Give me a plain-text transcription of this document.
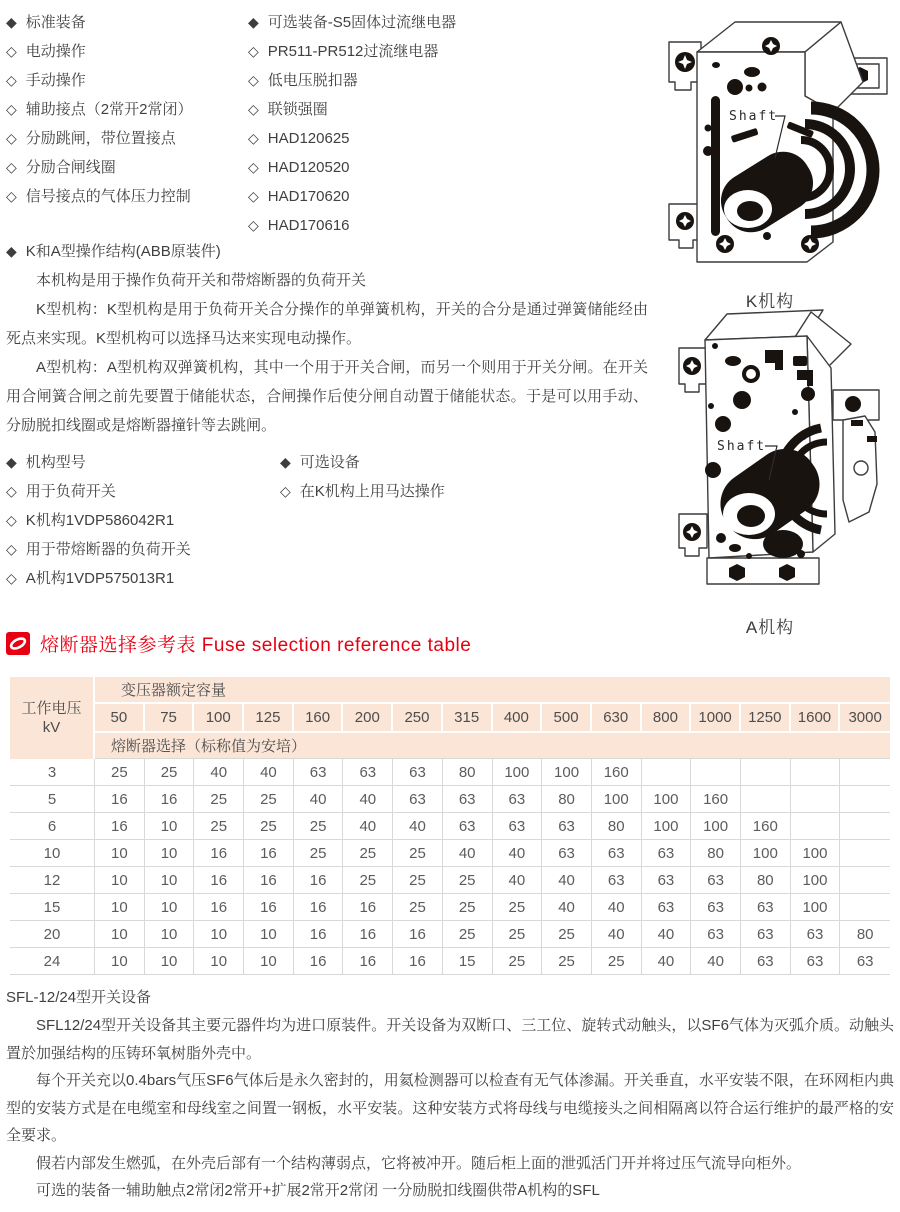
◆ 标准装备
◇ 电动操作
◇ 手动操作
◇ 辅助接点（2常开2常闭）
◇ 分励跳闸，带位置接点
◇ 分励合闸线圈
◇ 信号接点的气体压力控制
◆ 可选装备-S5固体过流继电器
◇ PR511-PR512过流继电器
◇ 低电压脱扣器
◇ 联锁强圈
◇ HAD120625
◇ HAD120520
◇ HAD170620
◇ HAD170616
◆ K和A型操作结构(ABB原装件)

本机构是用于操作负荷开关和带熔断器的负荷开关

K型机构：K型机构是用于负荷开关合分操作的单弹簧机构，开关的合分是通过弹簧储能经由死点来实现。K型机构可以选择马达来实现电动操作。

A型机构：A型机构双弹簧机构，其中一个用于开关合闸，而另一个则用于开关分闸。在开关用合闸簧合闸之前先要置于储能状态，合闸操作后使分闸自动置于储能状态。于是可以用手动、分励脱扣线圈或是熔断器撞针等去跳闸。

◆ 机构型号
◇ 用于负荷开关
◇ K机构1VDP586042R1
◇ 用于带熔断器的负荷开关
◇ A机构1VDP575013R1
◆ 可选设备
◇ 在K机构上用马达操作
Shaft
K机构
Shaft
A机构
熔断器选择参考表 Fuse selection reference table
工作电压
kV	变压器额定容量															
	50	75	100	125	160	200	250	315	400	500	630	800	1000	1250	1600	3000
	熔断器选择（标称值为安培）															
3	25	25	40	40	63	63	63	80	100	100	160					
5	16	16	25	25	40	40	63	63	63	80	100	100	160			
6	16	10	25	25	25	40	40	63	63	63	80	100	100	160		
10	10	10	16	16	25	25	25	40	40	63	63	63	80	100	100	
12	10	10	16	16	16	25	25	25	40	40	63	63	63	80	100	
15	10	10	16	16	16	16	25	25	25	40	40	63	63	63	100	
20	10	10	10	10	16	16	16	25	25	25	40	40	63	63	63	80
24	10	10	10	10	16	16	16	15	25	25	25	40	40	63	63	63
SFL-12/24型开关设备

SFL12/24型开关设备其主要元器件均为进口原装件。开关设备为双断口、三工位、旋转式动触头，以SF6气体为灭弧介质。动触头置於加强结构的压铸环氧树脂外壳中。

每个开关充以0.4bars气压SF6气体后是永久密封的，用氦检测器可以检查有无气体渗漏。开关垂直，水平安装不限，在环网柜内典型的安装方式是在电缆室和母线室之间置一钢板，水平安装。这种安装方式将母线与电缆接头之间相隔离以符合运行维护的最严格的安全要求。

假若内部发生燃弧，在外壳后部有一个结构薄弱点，它将被冲开。随后柜上面的泄弧活门开并将过压气流导向柜外。

可选的装备一辅助触点2常闭2常开+扩展2常开2常闭 一分励脱扣线圈供带A机构的SFL
